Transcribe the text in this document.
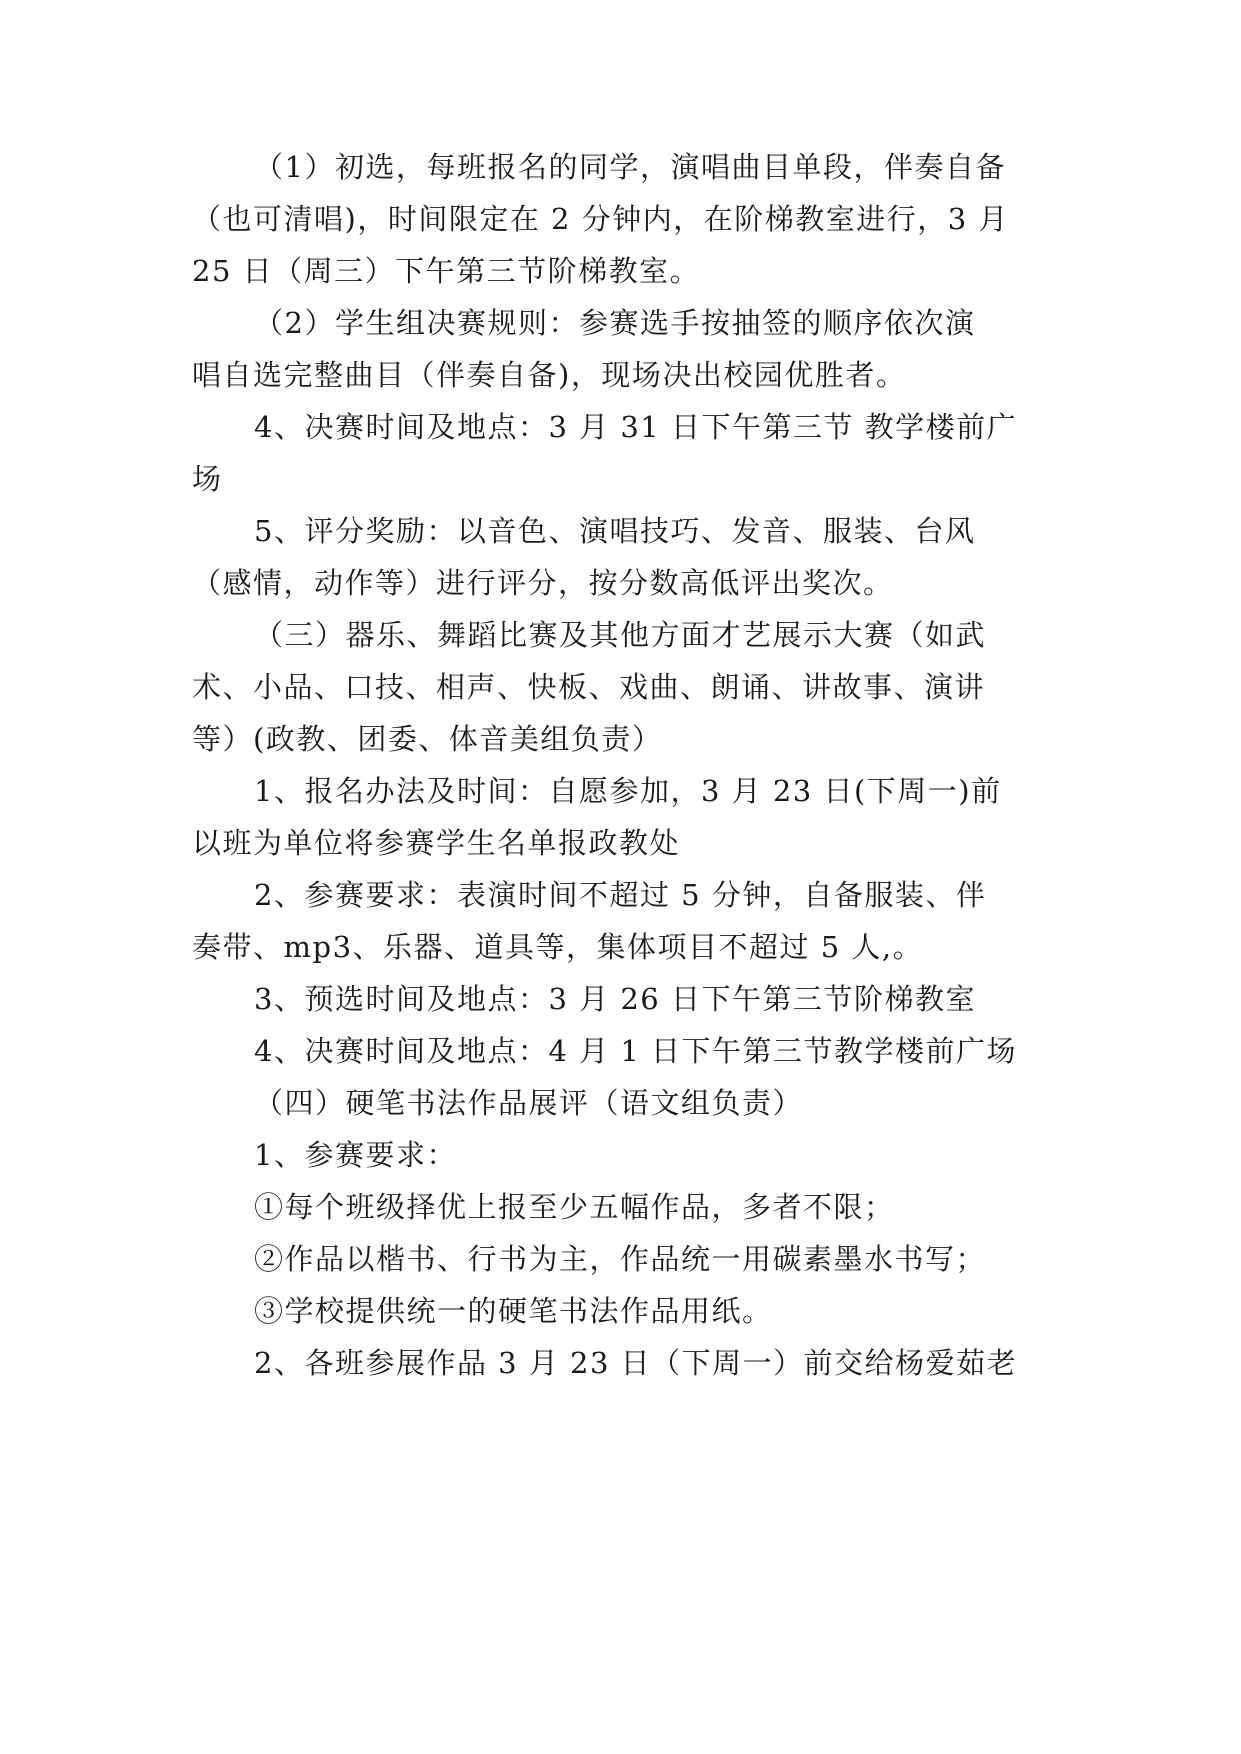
（1）初选，每班报名的同学，演唱曲目单段，伴奏自备
（也可清唱)，时间限定在 2 分钟内，在阶梯教室进行，3 月
25 日（周三）下午第三节阶梯教室。
（2）学生组决赛规则：参赛选手按抽签的顺序依次演
唱自选完整曲目（伴奏自备)，现场决出校园优胜者。
4、决赛时间及地点：3 月 31 日下午第三节 教学楼前广
场
5、评分奖励：以音色、演唱技巧、发音、服装、台风
（感情，动作等）进行评分，按分数高低评出奖次。
（三）器乐、舞蹈比赛及其他方面才艺展示大赛（如武
术、小品、口技、相声、快板、戏曲、朗诵、讲故事、演讲
等）(政教、团委、体音美组负责）
1、报名办法及时间：自愿参加，3 月 23 日(下周一)前
以班为单位将参赛学生名单报政教处
2、参赛要求：表演时间不超过 5 分钟，自备服装、伴
奏带、mp3、乐器、道具等，集体项目不超过 5 人,。
3、预选时间及地点：3 月 26 日下午第三节阶梯教室
4、决赛时间及地点：4 月 1 日下午第三节教学楼前广场
（四）硬笔书法作品展评（语文组负责）
1、参赛要求：
①每个班级择优上报至少五幅作品，多者不限；
②作品以楷书、行书为主，作品统一用碳素墨水书写；
③学校提供统一的硬笔书法作品用纸。
2、各班参展作品 3 月 23 日（下周一）前交给杨爱茹老
